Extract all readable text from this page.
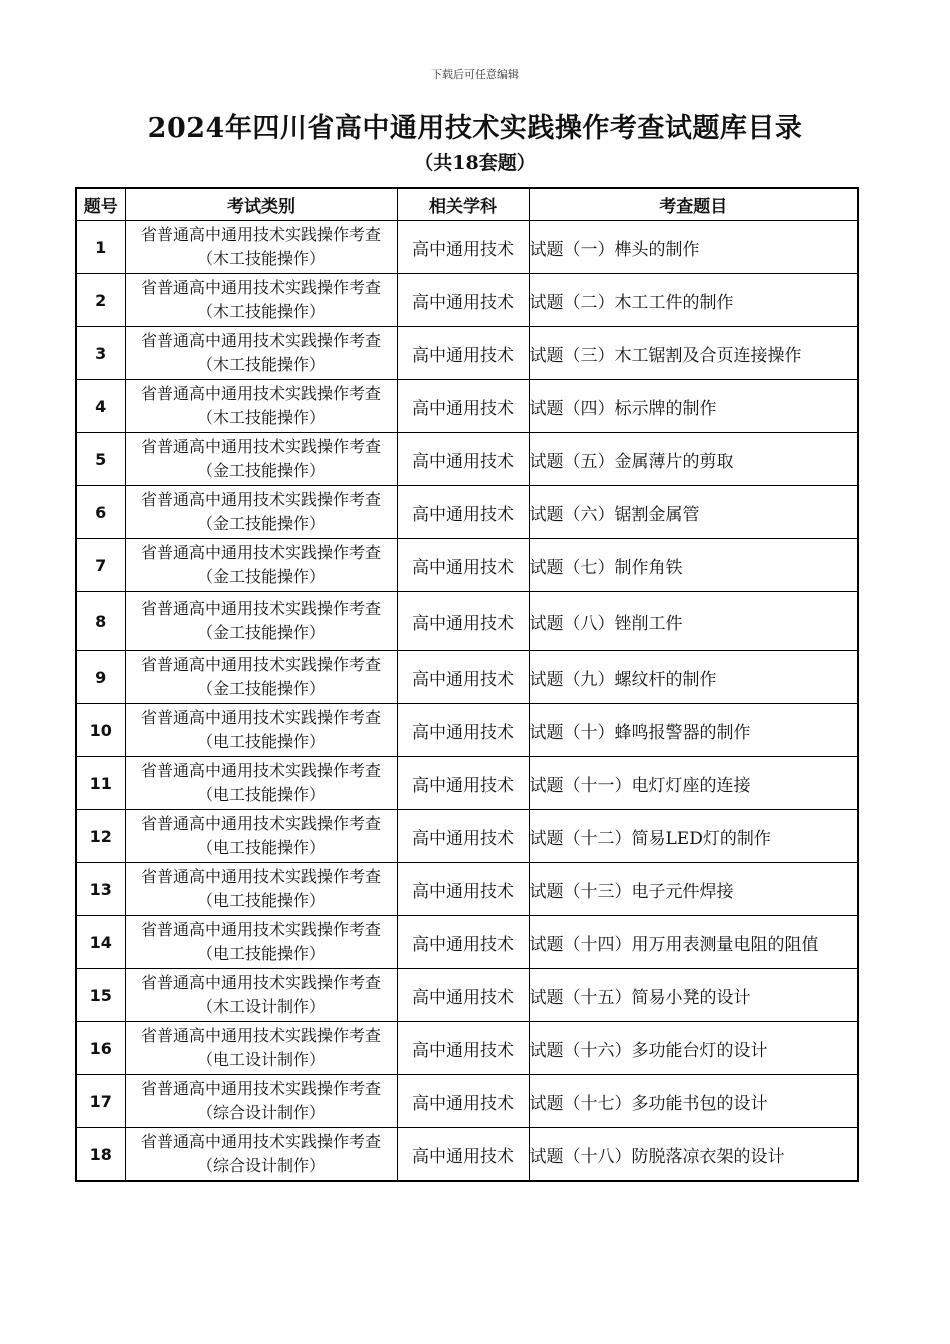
下载后可任意编辑
2024年四川省高中通用技术实践操作考查试题库目录
（共18套题）
题号	考试类别	相关学科	考查题目
1	省普通高中通用技术实践操作考查
（木工技能操作）	高中通用技术	试题（一）榫头的制作
2	省普通高中通用技术实践操作考查
（木工技能操作）	高中通用技术	试题（二）木工工件的制作
3	省普通高中通用技术实践操作考查
（木工技能操作）	高中通用技术	试题（三）木工锯割及合页连接操作
4	省普通高中通用技术实践操作考查
（木工技能操作）	高中通用技术	试题（四）标示牌的制作
5	省普通高中通用技术实践操作考查
（金工技能操作）	高中通用技术	试题（五）金属薄片的剪取
6	省普通高中通用技术实践操作考查
（金工技能操作）	高中通用技术	试题（六）锯割金属管
7	省普通高中通用技术实践操作考查
（金工技能操作）	高中通用技术	试题（七）制作角铁
8	省普通高中通用技术实践操作考查
（金工技能操作）	高中通用技术	试题（八）锉削工件
9	省普通高中通用技术实践操作考查
（金工技能操作）	高中通用技术	试题（九）螺纹杆的制作
10	省普通高中通用技术实践操作考查
（电工技能操作）	高中通用技术	试题（十）蜂鸣报警器的制作
11	省普通高中通用技术实践操作考查
（电工技能操作）	高中通用技术	试题（十一）电灯灯座的连接
12	省普通高中通用技术实践操作考查
（电工技能操作）	高中通用技术	试题（十二）简易LED灯的制作
13	省普通高中通用技术实践操作考查
（电工技能操作）	高中通用技术	试题（十三）电子元件焊接
14	省普通高中通用技术实践操作考查
（电工技能操作）	高中通用技术	试题（十四）用万用表测量电阻的阻值
15	省普通高中通用技术实践操作考查
（木工设计制作）	高中通用技术	试题（十五）简易小凳的设计
16	省普通高中通用技术实践操作考查
（电工设计制作）	高中通用技术	试题（十六）多功能台灯的设计
17	省普通高中通用技术实践操作考查
（综合设计制作）	高中通用技术	试题（十七）多功能书包的设计
18	省普通高中通用技术实践操作考查
（综合设计制作）	高中通用技术	试题（十八）防脱落凉衣架的设计
